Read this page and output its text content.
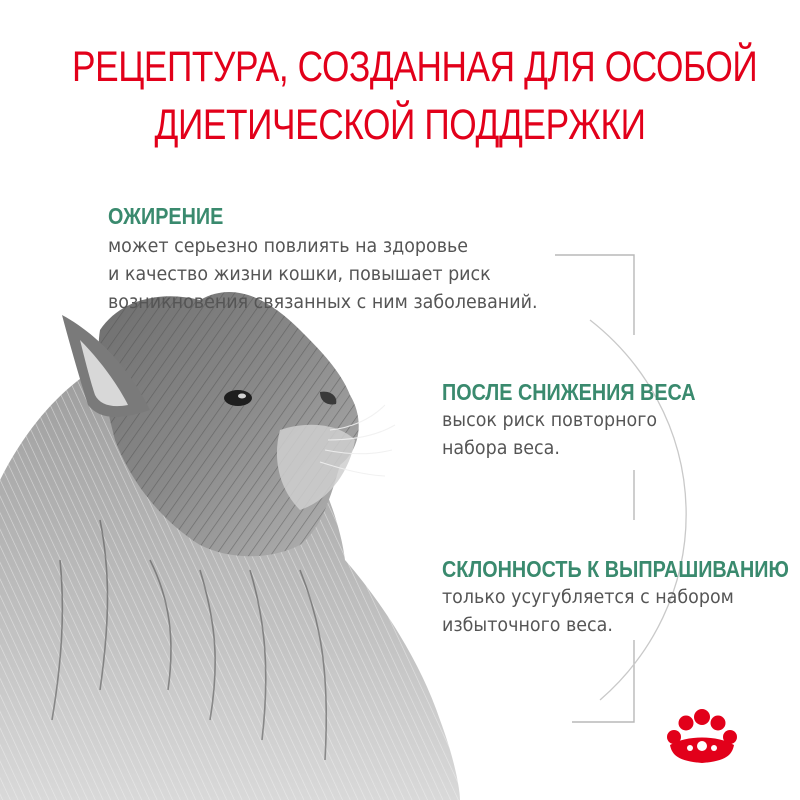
РЕЦЕПТУРА, СОЗДАННАЯ ДЛЯ ОСОБОЙ
ДИЕТИЧЕСКОЙ ПОДДЕРЖКИ
ОЖИРЕНИЕ
может серьезно повлиять на здоровье
и качество жизни кошки, повышает риск
возникновения связанных с ним заболеваний.
ПОСЛЕ СНИЖЕНИЯ ВЕСА
высок риск повторного
набора веса.
СКЛОННОСТЬ К ВЫПРАШИВАНИЮ
только усугубляется с набором
избыточного веса.
